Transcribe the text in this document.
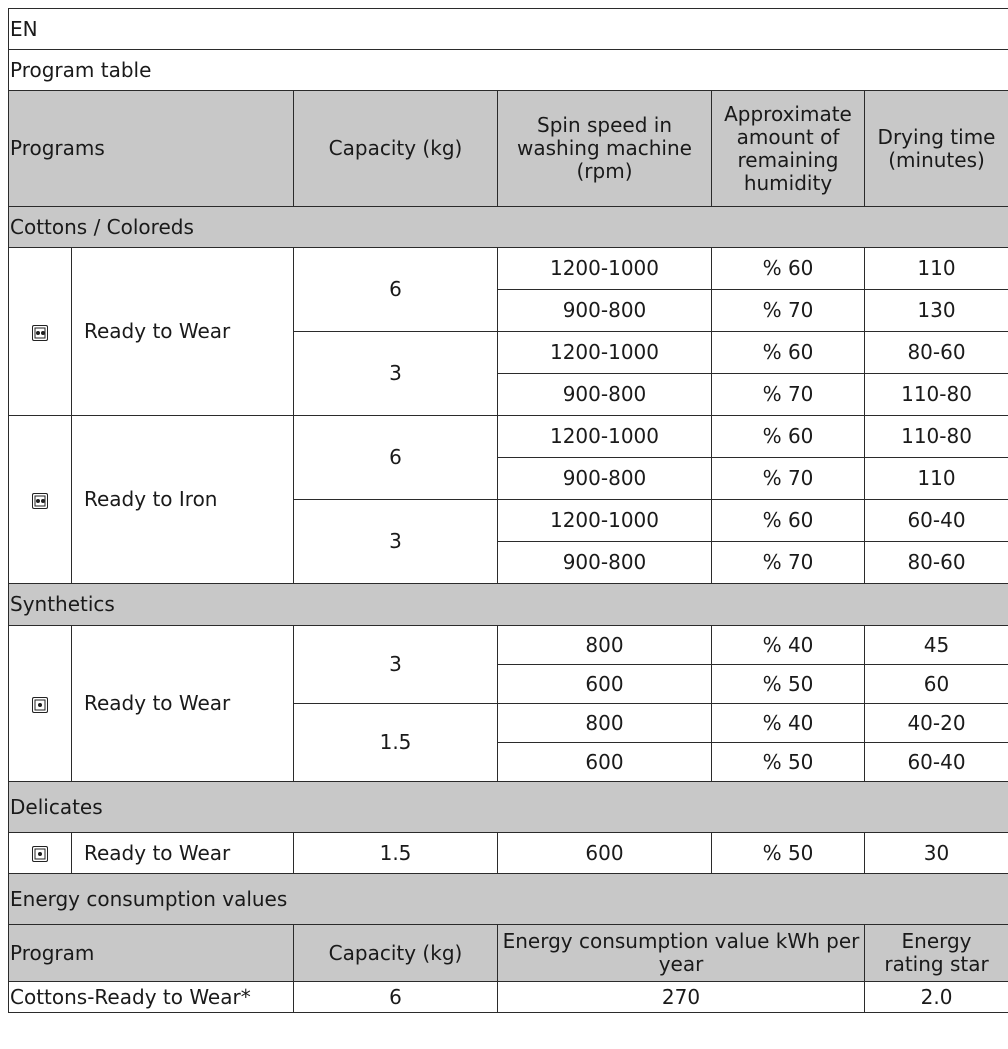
EN					
Program table					
Programs		Capacity (kg)	Spin speed in washing machine (rpm)	Approximate amount of remaining humidity	Drying time (minutes)
Cottons / Coloreds					

	Ready to Wear	6	1200-1000	% 60	110
			900-800	% 70	130
		3	1200-1000	% 60	80-60
			900-800	% 70	110-80

	Ready to Iron	6	1200-1000	% 60	110-80
			900-800	% 70	110
		3	1200-1000	% 60	60-40
			900-800	% 70	80-60
Synthetics					

	Ready to Wear	3	800	% 40	45
			600	% 50	60
		1.5	800	% 40	40-20
			600	% 50	60-40
Delicates					

	Ready to Wear	1.5	600	% 50	30
Energy consumption values					
Program		Capacity (kg)	Energy consumption value kWh per year		Energy rating star
Cottons-Ready to Wear*		6	270		2.0
